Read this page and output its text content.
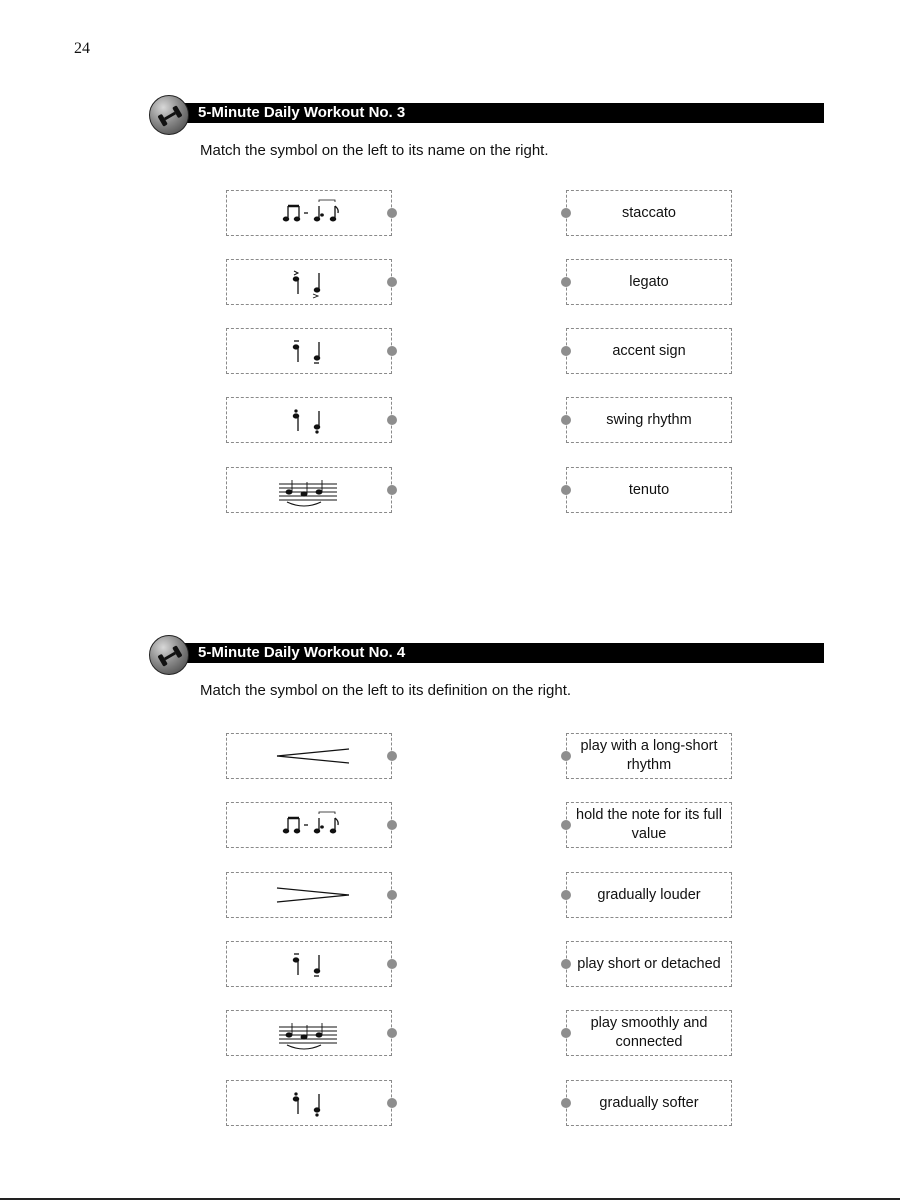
24
5-Minute Daily Workout No. 3
Match the symbol on the left to its name on the right.
staccato
legato
accent sign
swing rhythm
tenuto
5-Minute Daily Workout No. 4
Match the symbol on the left to its definition on the right.
play with a long-short rhythm
hold the note for its full value
gradually louder
play short or detached
play smoothly and connected
gradually softer
